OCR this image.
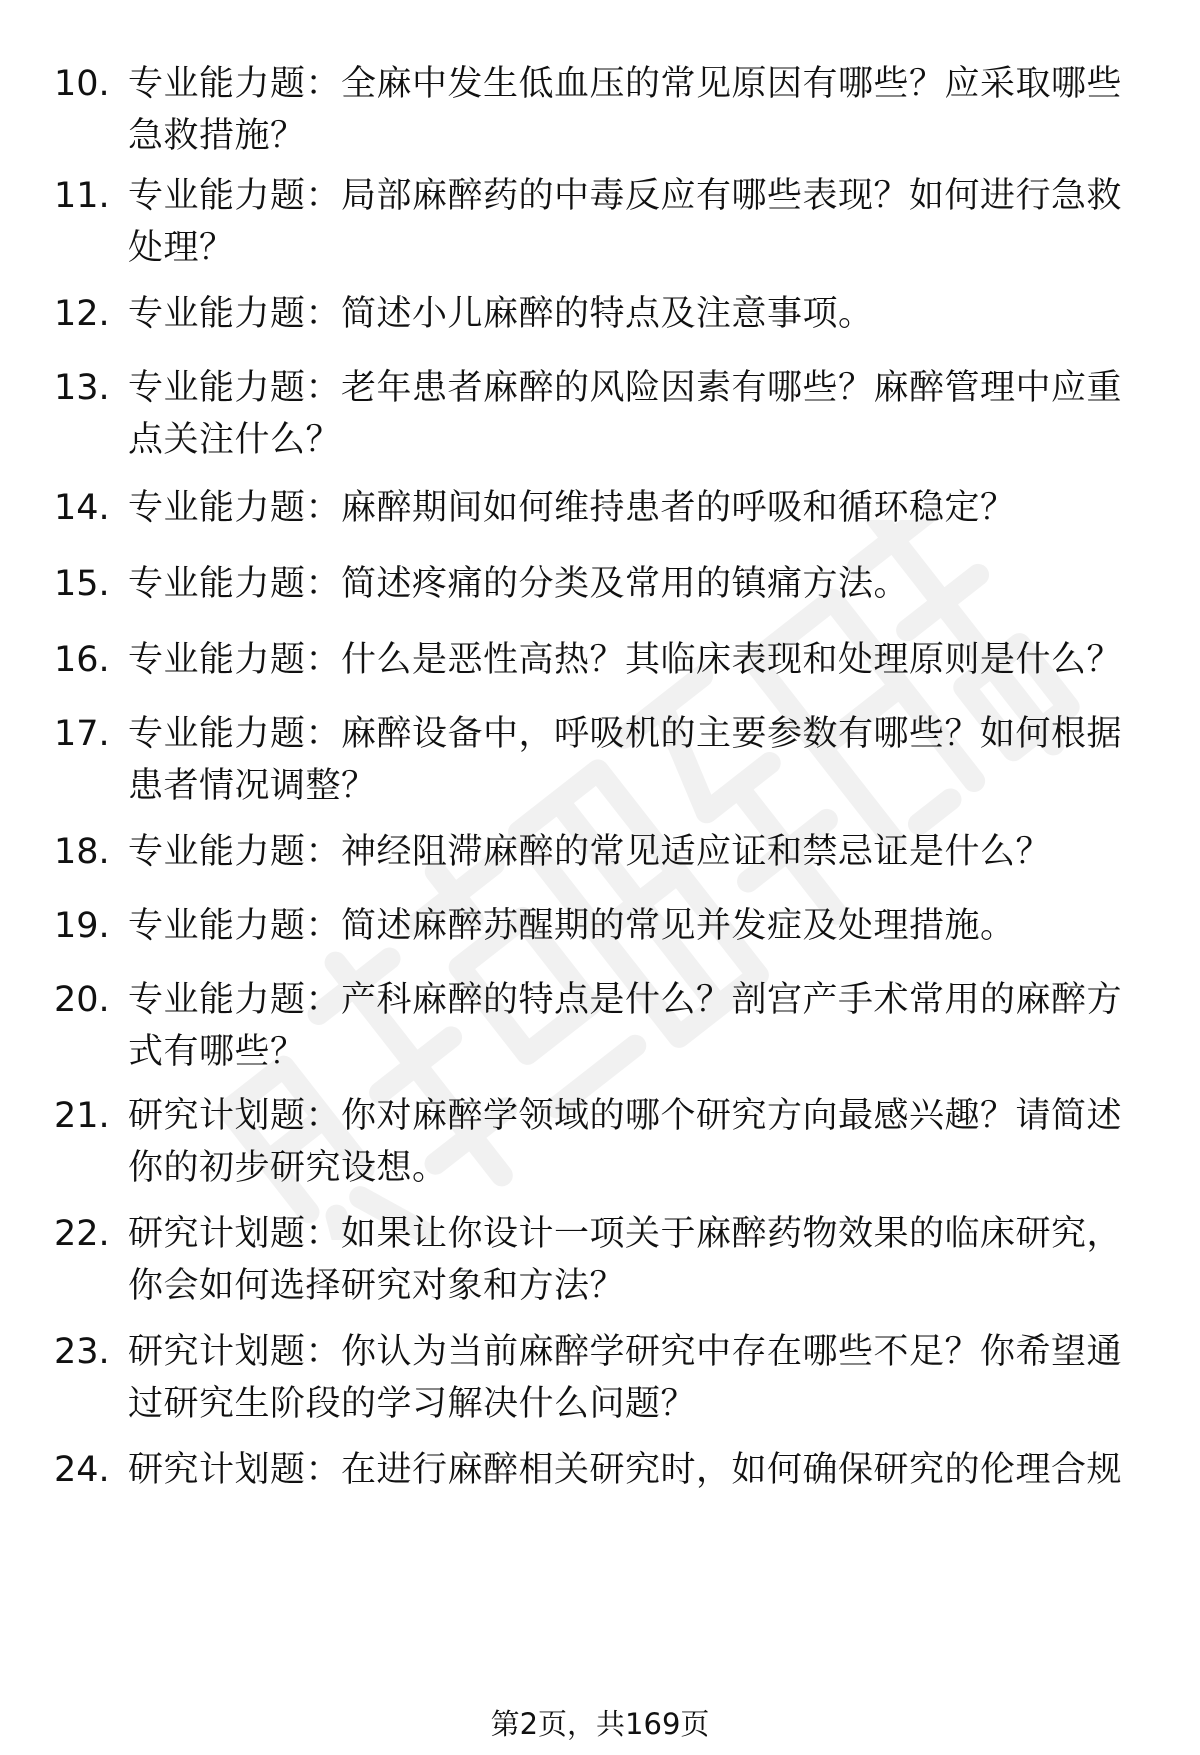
10. 专业能力题：全麻中发生低血压的常见原因有哪些？应采取哪些
急救措施？
11. 专业能力题：局部麻醉药的中毒反应有哪些表现？如何进行急救
处理？
12. 专业能力题：简述小儿麻醉的特点及注意事项。
13. 专业能力题：老年患者麻醉的风险因素有哪些？麻醉管理中应重
点关注什么？
14. 专业能力题：麻醉期间如何维持患者的呼吸和循环稳定？
15. 专业能力题：简述疼痛的分类及常用的镇痛方法。
16. 专业能力题：什么是恶性高热？其临床表现和处理原则是什么？
17. 专业能力题：麻醉设备中，呼吸机的主要参数有哪些？如何根据
患者情况调整？
18. 专业能力题：神经阻滞麻醉的常见适应证和禁忌证是什么？
19. 专业能力题：简述麻醉苏醒期的常见并发症及处理措施。
20. 专业能力题：产科麻醉的特点是什么？剖宫产手术常用的麻醉方
式有哪些？
21. 研究计划题：你对麻醉学领域的哪个研究方向最感兴趣？请简述
你的初步研究设想。
22. 研究计划题：如果让你设计一项关于麻醉药物效果的临床研究，
你会如何选择研究对象和方法？
23. 研究计划题：你认为当前麻醉学研究中存在哪些不足？你希望通
过研究生阶段的学习解决什么问题？
24. 研究计划题：在进行麻醉相关研究时，如何确保研究的伦理合规
第2页，共169页
